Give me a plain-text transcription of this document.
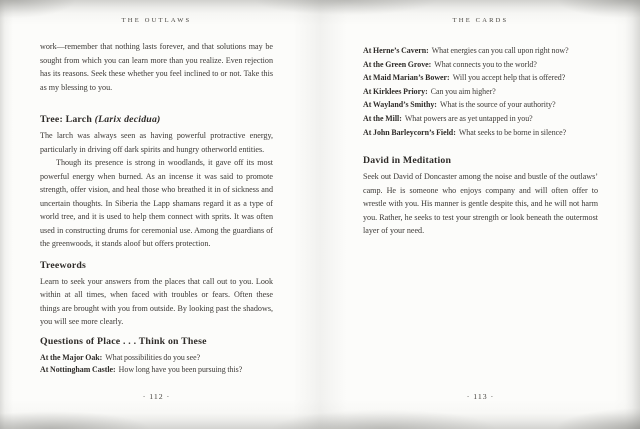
THE OUTLAWS

work—remember that nothing lasts forever, and that solutions may be sought from which you can learn more than you realize. Even rejection has its reasons. Seek these whether you feel inclined to or not. Take this as my blessing to you.

Tree: Larch (Larix decidua)

The larch was always seen as having powerful protractive energy, particularly in driving off dark spirits and hungry otherworld entities.

Though its presence is strong in woodlands, it gave off its most powerful energy when burned. As an incense it was said to promote strength, offer vision, and heal those who breathed it in of sickness and uncertain thoughts. In Siberia the Lapp shamans regard it as a type of world tree, and it is used to help them connect with sprits. It was often used in constructing drums for ceremonial use. Among the guardians of the greenwoods, it stands aloof but offers protection.

Treewords

Learn to seek your answers from the places that call out to you. Look within at all times, when faced with troubles or fears. Often these things are brought with you from outside. By looking past the shadows, you will see more clearly.

Questions of Place . . . Think on These
At the Major Oak: What possibilities do you see?
At Nottingham Castle: How long have you been pursuing this?
· 112 ·
THE CARDS
At Herne’s Cavern: What energies can you call upon right now?
At the Green Grove: What connects you to the world?
At Maid Marian’s Bower: Will you accept help that is offered?
At Kirklees Priory: Can you aim higher?
At Wayland’s Smithy: What is the source of your authority?
At the Mill: What powers are as yet untapped in you?
At John Barleycorn’s Field: What seeks to be borne in silence?
David in Meditation

Seek out David of Doncaster among the noise and bustle of the outlaws’ camp. He is someone who enjoys company and will often offer to wrestle with you. His manner is gentle despite this, and he will not harm you. Rather, he seeks to test your strength or look beneath the outermost layer of your need.

· 113 ·
